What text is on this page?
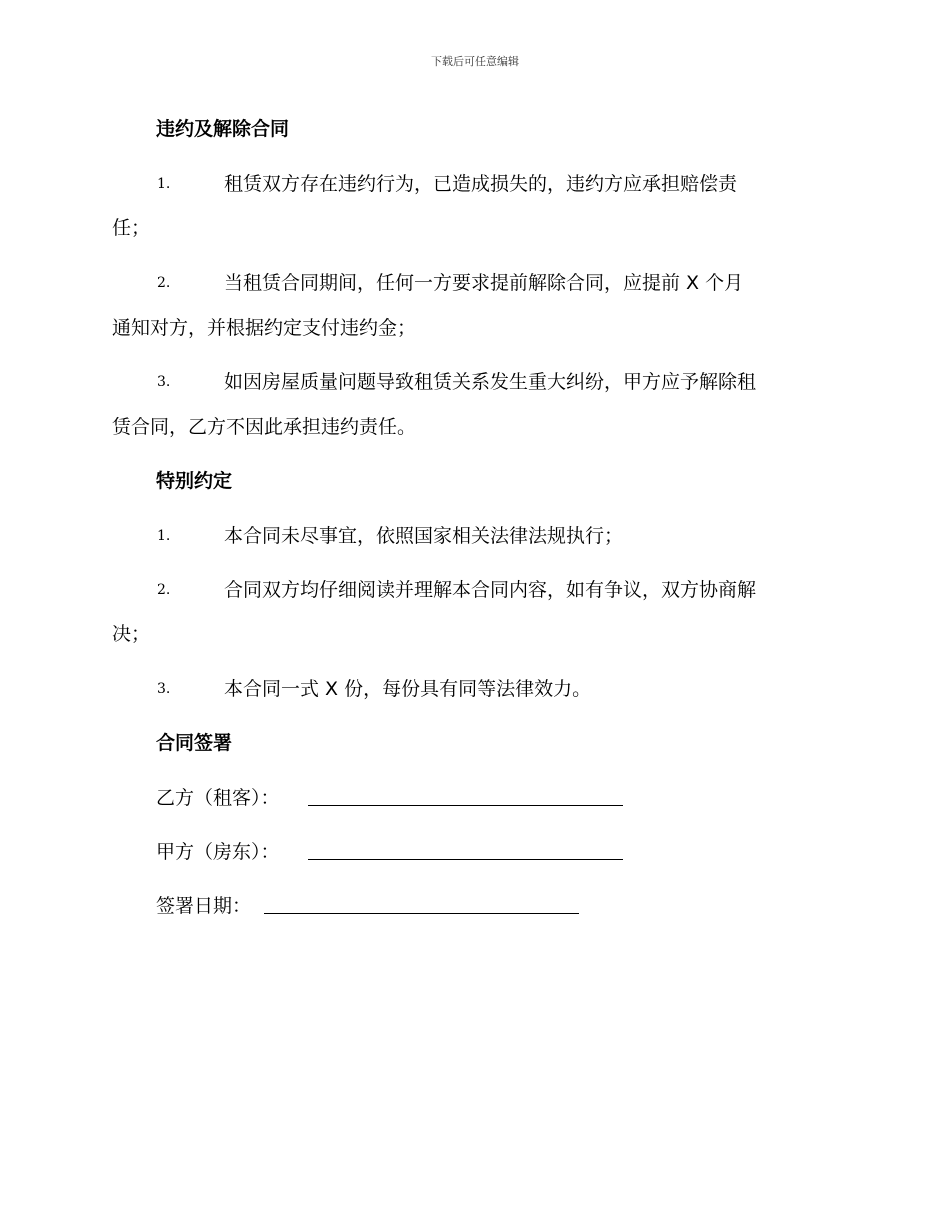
下载后可任意编辑
违约及解除合同
1.	租赁双方存在违约行为，已造成损失的，违约方应承担赔偿责
任；
2.	当租赁合同期间，任何一方要求提前解除合同，应提前 X 个月
通知对方，并根据约定支付违约金；
3.	如因房屋质量问题导致租赁关系发生重大纠纷，甲方应予解除租
赁合同，乙方不因此承担违约责任。
特别约定
1.	本合同未尽事宜，依照国家相关法律法规执行；
2.	合同双方均仔细阅读并理解本合同内容，如有争议，双方协商解
决；
3.	本合同一式 X 份，每份具有同等法律效力。
合同签署
乙方（租客）：
甲方（房东）：
签署日期：
